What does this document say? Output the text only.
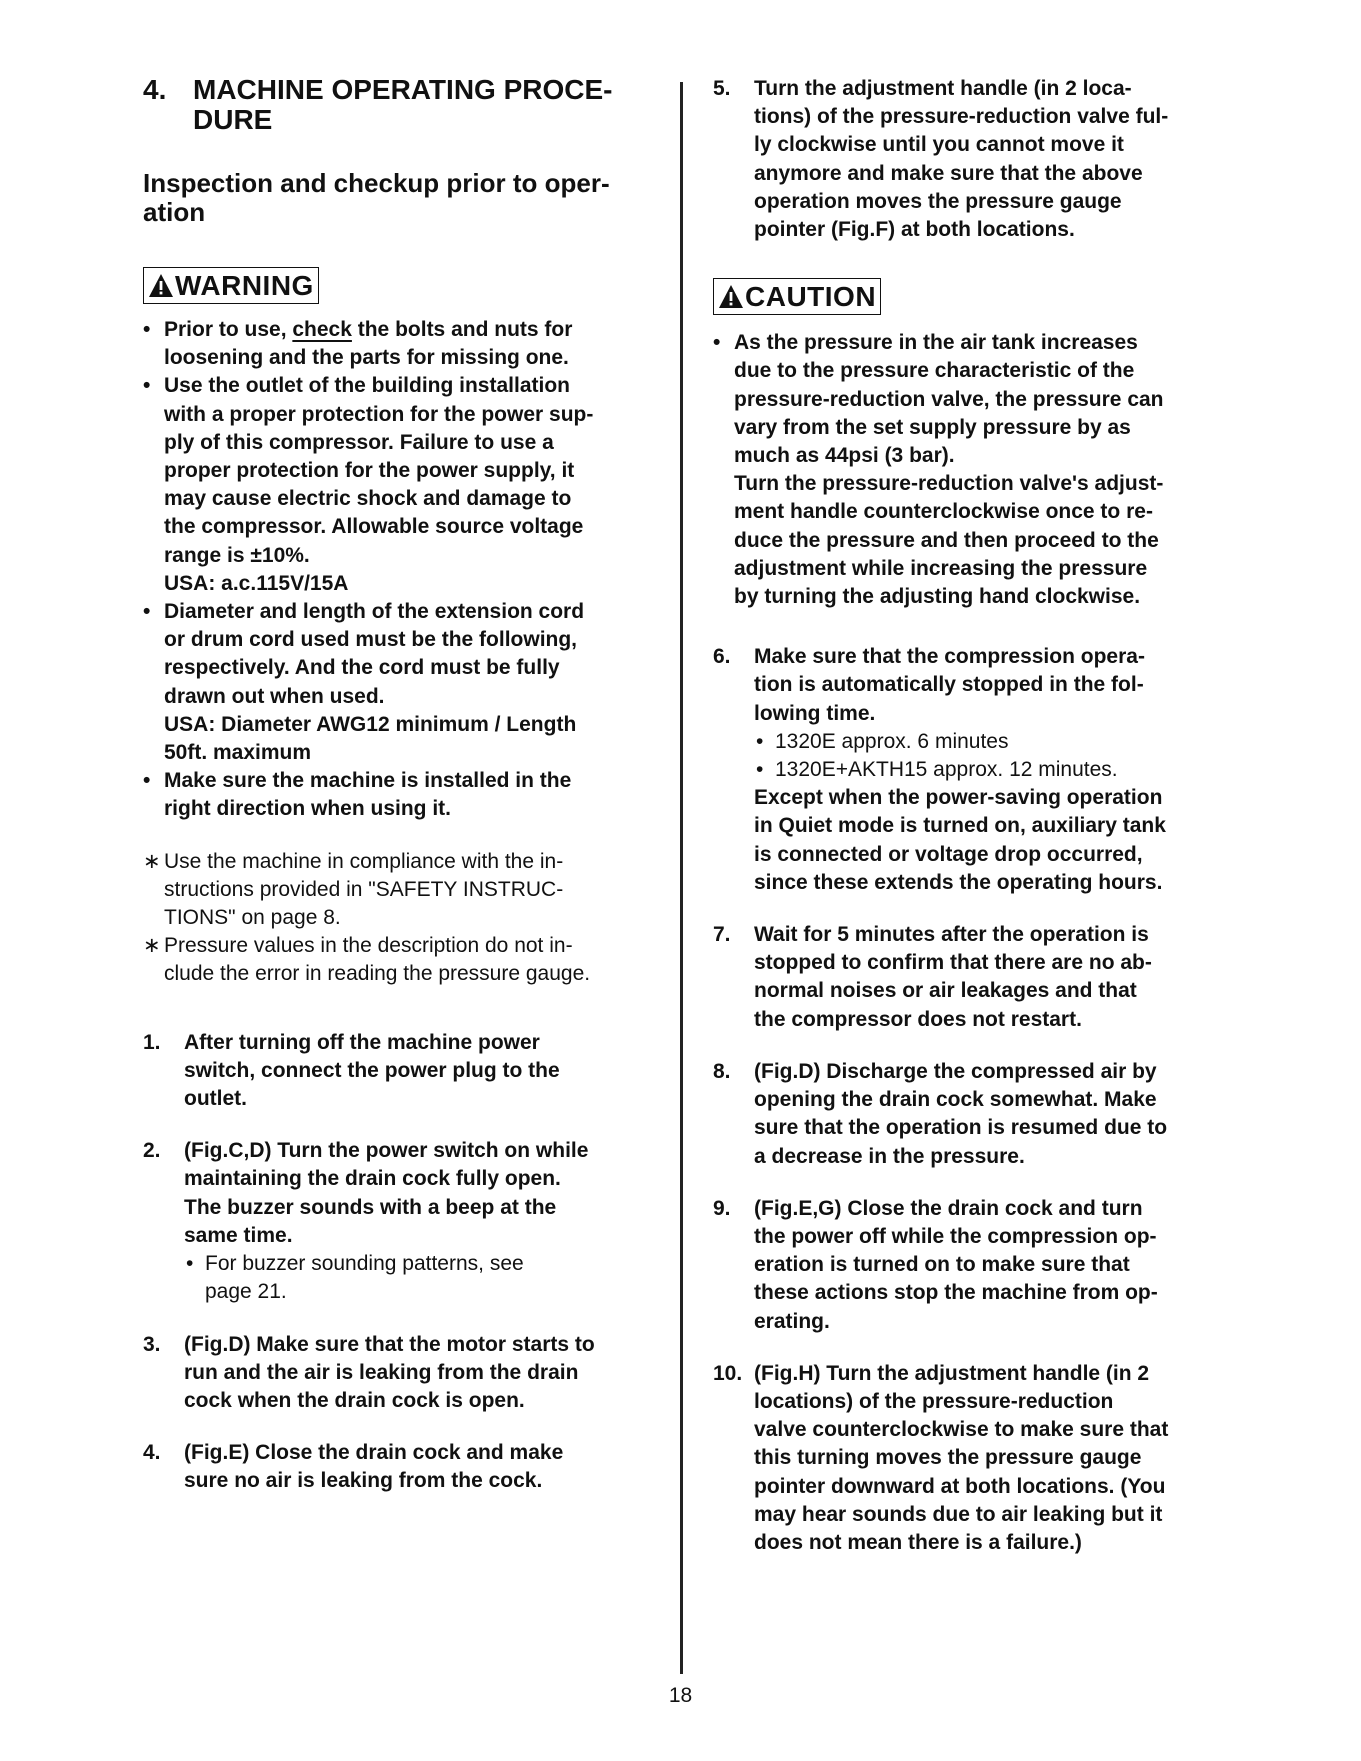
4. MACHINE OPERATING PROCE-
DURE
Inspection and checkup prior to oper-
ation
WARNING
• Prior to use, check the bolts and nuts for
loosening and the parts for missing one.
• Use the outlet of the building installation
with a proper protection for the power sup-
ply of this compressor. Failure to use a
proper protection for the power supply, it
may cause electric shock and damage to
the compressor. Allowable source voltage
range is ±10%.
USA: a.c.115V/15A
• Diameter and length of the extension cord
or drum cord used must be the following,
respectively. And the cord must be fully
drawn out when used.
USA: Diameter AWG12 minimum / Length
50ft. maximum
• Make sure the machine is installed in the
right direction when using it.
∗ Use the machine in compliance with the in-
structions provided in "SAFETY INSTRUC-
TIONS" on page 8.
∗ Pressure values in the description do not in-
clude the error in reading the pressure gauge.
1. After turning off the machine power
switch, connect the power plug to the
outlet.
2. (Fig.C,D) Turn the power switch on while
maintaining the drain cock fully open.
The buzzer sounds with a beep at the
same time.
• For buzzer sounding patterns, see
page 21.
3. (Fig.D) Make sure that the motor starts to
run and the air is leaking from the drain
cock when the drain cock is open.
4. (Fig.E) Close the drain cock and make
sure no air is leaking from the cock.
5. Turn the adjustment handle (in 2 loca-
tions) of the pressure-reduction valve ful-
ly clockwise until you cannot move it
anymore and make sure that the above
operation moves the pressure gauge
pointer (Fig.F) at both locations.
CAUTION
• As the pressure in the air tank increases
due to the pressure characteristic of the
pressure-reduction valve, the pressure can
vary from the set supply pressure by as
much as 44psi (3 bar).
Turn the pressure-reduction valve's adjust-
ment handle counterclockwise once to re-
duce the pressure and then proceed to the
adjustment while increasing the pressure
by turning the adjusting hand clockwise.
6. Make sure that the compression opera-
tion is automatically stopped in the fol-
lowing time.
• 1320E approx. 6 minutes
• 1320E+AKTH15 approx. 12 minutes.
Except when the power-saving operation
in Quiet mode is turned on, auxiliary tank
is connected or voltage drop occurred,
since these extends the operating hours.
7. Wait for 5 minutes after the operation is
stopped to confirm that there are no ab-
normal noises or air leakages and that
the compressor does not restart.
8. (Fig.D) Discharge the compressed air by
opening the drain cock somewhat. Make
sure that the operation is resumed due to
a decrease in the pressure.
9. (Fig.E,G) Close the drain cock and turn
the power off while the compression op-
eration is turned on to make sure that
these actions stop the machine from op-
erating.
10. (Fig.H) Turn the adjustment handle (in 2
locations) of the pressure-reduction
valve counterclockwise to make sure that
this turning moves the pressure gauge
pointer downward at both locations. (You
may hear sounds due to air leaking but it
does not mean there is a failure.)
18
